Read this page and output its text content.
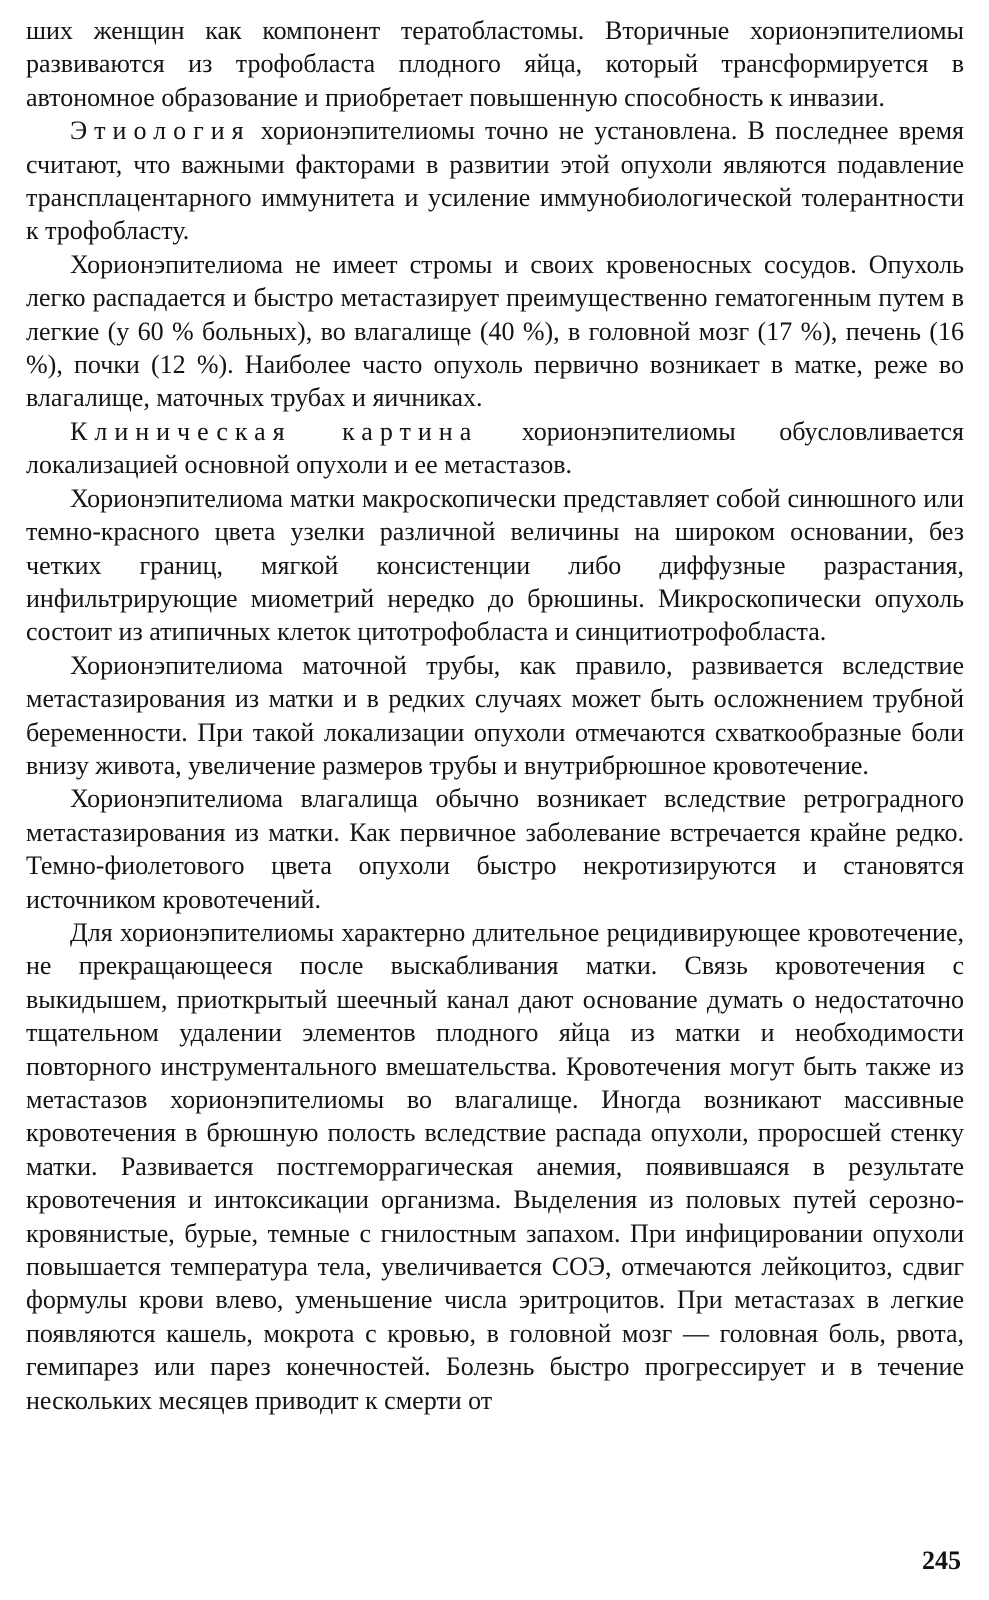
ших женщин как компонент тератобластомы. Вторичные хорионэпителиомы развиваются из трофобласта плодного яйца, который трансформируется в автономное образование и приобретает повышенную способность к инвазии.

Этиология хорионэпителиомы точно не установлена. В последнее время считают, что важными факторами в развитии этой опухоли являются подавление трансплацентарного иммунитета и усиление иммунобиологической толерантности к трофобласту.

Хорионэпителиома не имеет стромы и своих кровеносных сосудов. Опухоль легко распадается и быстро метастазирует преимущественно гематогенным путем в легкие (у 60 % больных), во влагалище (40 %), в головной мозг (17 %), печень (16 %), почки (12 %). Наиболее часто опухоль первично возникает в матке, реже во влагалище, маточных трубах и яичниках.

Клиническая картина хорионэпителиомы обусловливается локализацией основной опухоли и ее метастазов.

Хорионэпителиома матки макроскопически представляет собой синюшного или темно-красного цвета узелки различной величины на широком основании, без четких границ, мягкой консистенции либо диффузные разрастания, инфильтрирующие миометрий нередко до брюшины. Микроскопически опухоль состоит из атипичных клеток цитотрофобласта и синцитиотрофобласта.

Хорионэпителиома маточной трубы, как правило, развивается вследствие метастазирования из матки и в редких случаях может быть осложнением трубной беременности. При такой локализации опухоли отмечаются схваткообразные боли внизу живота, увеличение размеров трубы и внутрибрюшное кровотечение.

Хорионэпителиома влагалища обычно возникает вследствие ретроградного метастазирования из матки. Как первичное заболевание встречается крайне редко. Темно-фиолетового цвета опухоли быстро некротизируются и становятся источником кровотечений.

Для хорионэпителиомы характерно длительное рецидивирующее кровотечение, не прекращающееся после выскабливания матки. Связь кровотечения с выкидышем, приоткрытый шеечный канал дают основание думать о недостаточно тщательном удалении элементов плодного яйца из матки и необходимости повторного инструментального вмешательства. Кровотечения могут быть также из метастазов хорионэпителиомы во влагалище. Иногда возникают массивные кровотечения в брюшную полость вследствие распада опухоли, проросшей стенку матки. Развивается постгеморрагическая анемия, появившаяся в результате кровотечения и интоксикации организма. Выделения из половых путей серозно-кровянистые, бурые, темные с гнилостным запахом. При инфицировании опухоли повышается температура тела, увеличивается СОЭ, отмечаются лейкоцитоз, сдвиг формулы крови влево, уменьшение числа эритроцитов. При метастазах в легкие появляются кашель, мокрота с кровью, в головной мозг — головная боль, рвота, гемипарез или парез конечностей. Болезнь быстро прогрессирует и в течение нескольких месяцев приводит к смерти от

245
